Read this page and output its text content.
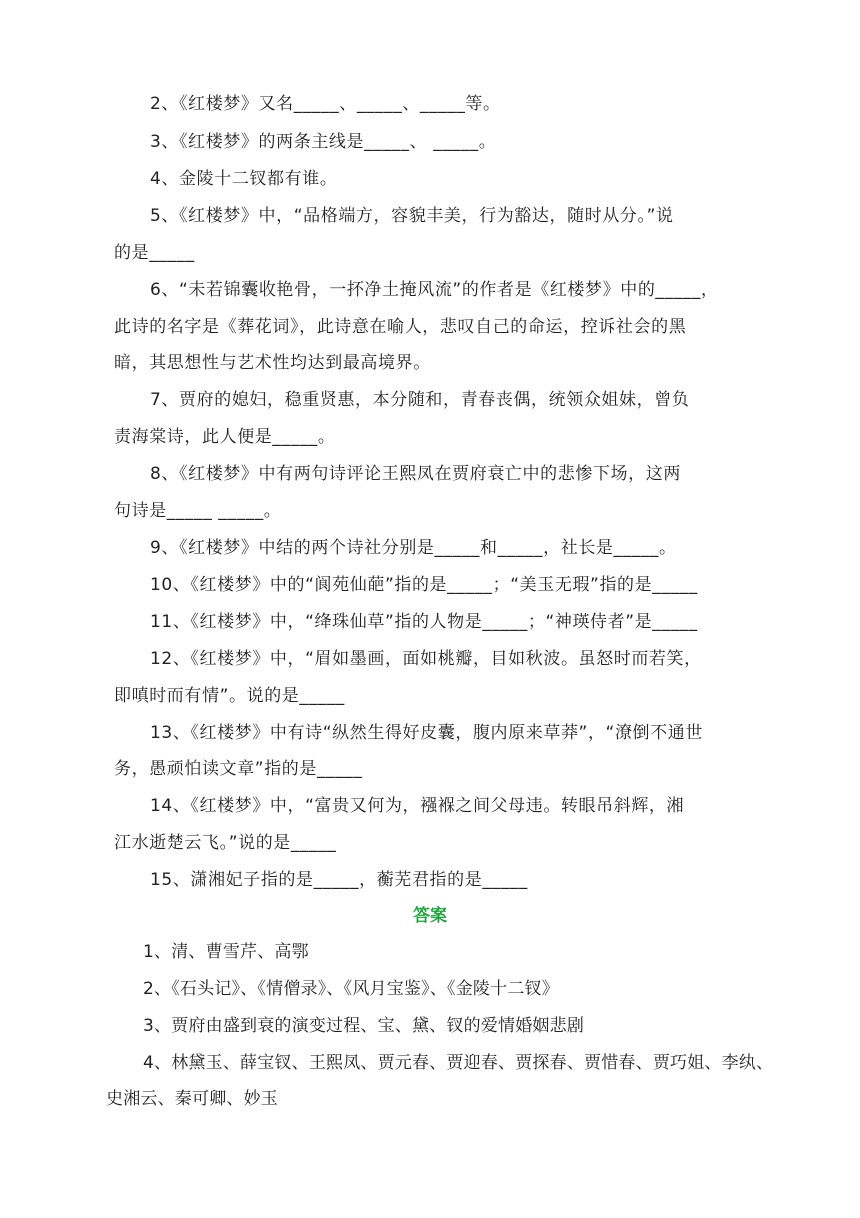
2、《红楼梦》又名_____、_____、_____等。
3、《红楼梦》的两条主线是_____、 _____。
4、金陵十二钗都有谁。
5、《红楼梦》中，“品格端方，容貌丰美，行为豁达，随时从分。”说
的是_____
6、“未若锦囊收艳骨，一抔净土掩风流”的作者是《红楼梦》中的_____，
此诗的名字是《葬花词》，此诗意在喻人，悲叹自己的命运，控诉社会的黑
暗，其思想性与艺术性均达到最高境界。
7、贾府的媳妇，稳重贤惠，本分随和，青春丧偶，统领众姐妹，曾负
责海棠诗，此人便是_____。
8、《红楼梦》中有两句诗评论王熙凤在贾府衰亡中的悲惨下场，这两
句诗是_____ _____。
9、《红楼梦》中结的两个诗社分别是_____和_____，社长是_____。
10、《红楼梦》中的“阆苑仙葩”指的是_____；“美玉无瑕”指的是_____
11、《红楼梦》中，“绛珠仙草”指的人物是_____；“神瑛侍者”是_____
12、《红楼梦》中，“眉如墨画，面如桃瓣，目如秋波。虽怒时而若笑，
即嗔时而有情”。说的是_____
13、《红楼梦》中有诗“纵然生得好皮囊，腹内原来草莽”，“潦倒不通世
务，愚顽怕读文章”指的是_____
14、《红楼梦》中，“富贵又何为，襁褓之间父母违。转眼吊斜辉，湘
江水逝楚云飞。”说的是_____
15、潇湘妃子指的是_____，蘅芜君指的是_____
答案
1、清、曹雪芹、高鄂
2、《石头记》、《情僧录》、《风月宝鉴》、《金陵十二钗》
3、贾府由盛到衰的演变过程、宝、黛、钗的爱情婚姻悲剧
4、林黛玉、薛宝钗、王熙凤、贾元春、贾迎春、贾探春、贾惜春、贾巧姐、李纨、
史湘云、秦可卿、妙玉
